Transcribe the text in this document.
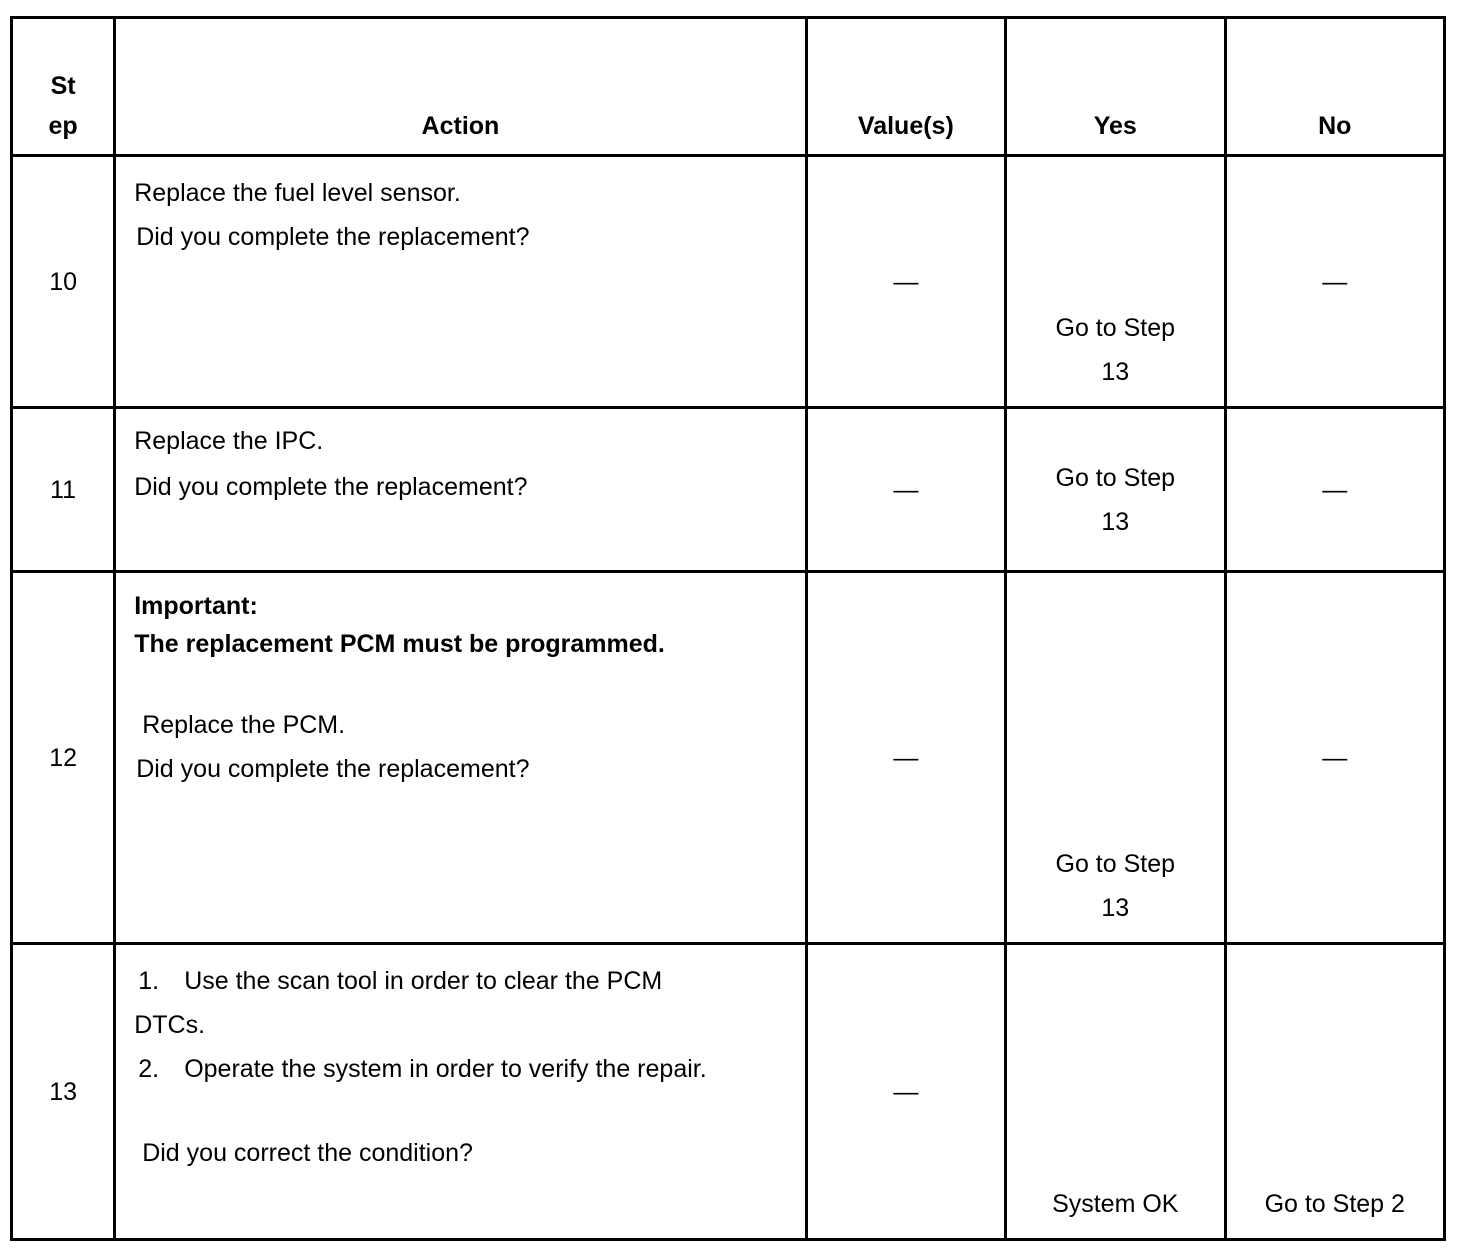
St ep	Action	Value(s)	Yes	No
10	Replace the fuel level sensor.
Did you complete the replacement?	—	Go to Step 13	—
11	Replace the IPC.
Did you complete the replacement?	—	Go to Step 13	—
12	Important:
The replacement PCM must be programmed.
Replace the PCM.
Did you complete the replacement?	—	Go to Step 13	—
13	1. Use the scan tool in order to clear the PCM DTCs.
2. Operate the system in order to verify the repair.
Did you correct the condition?	—	System OK	Go to Step 2
